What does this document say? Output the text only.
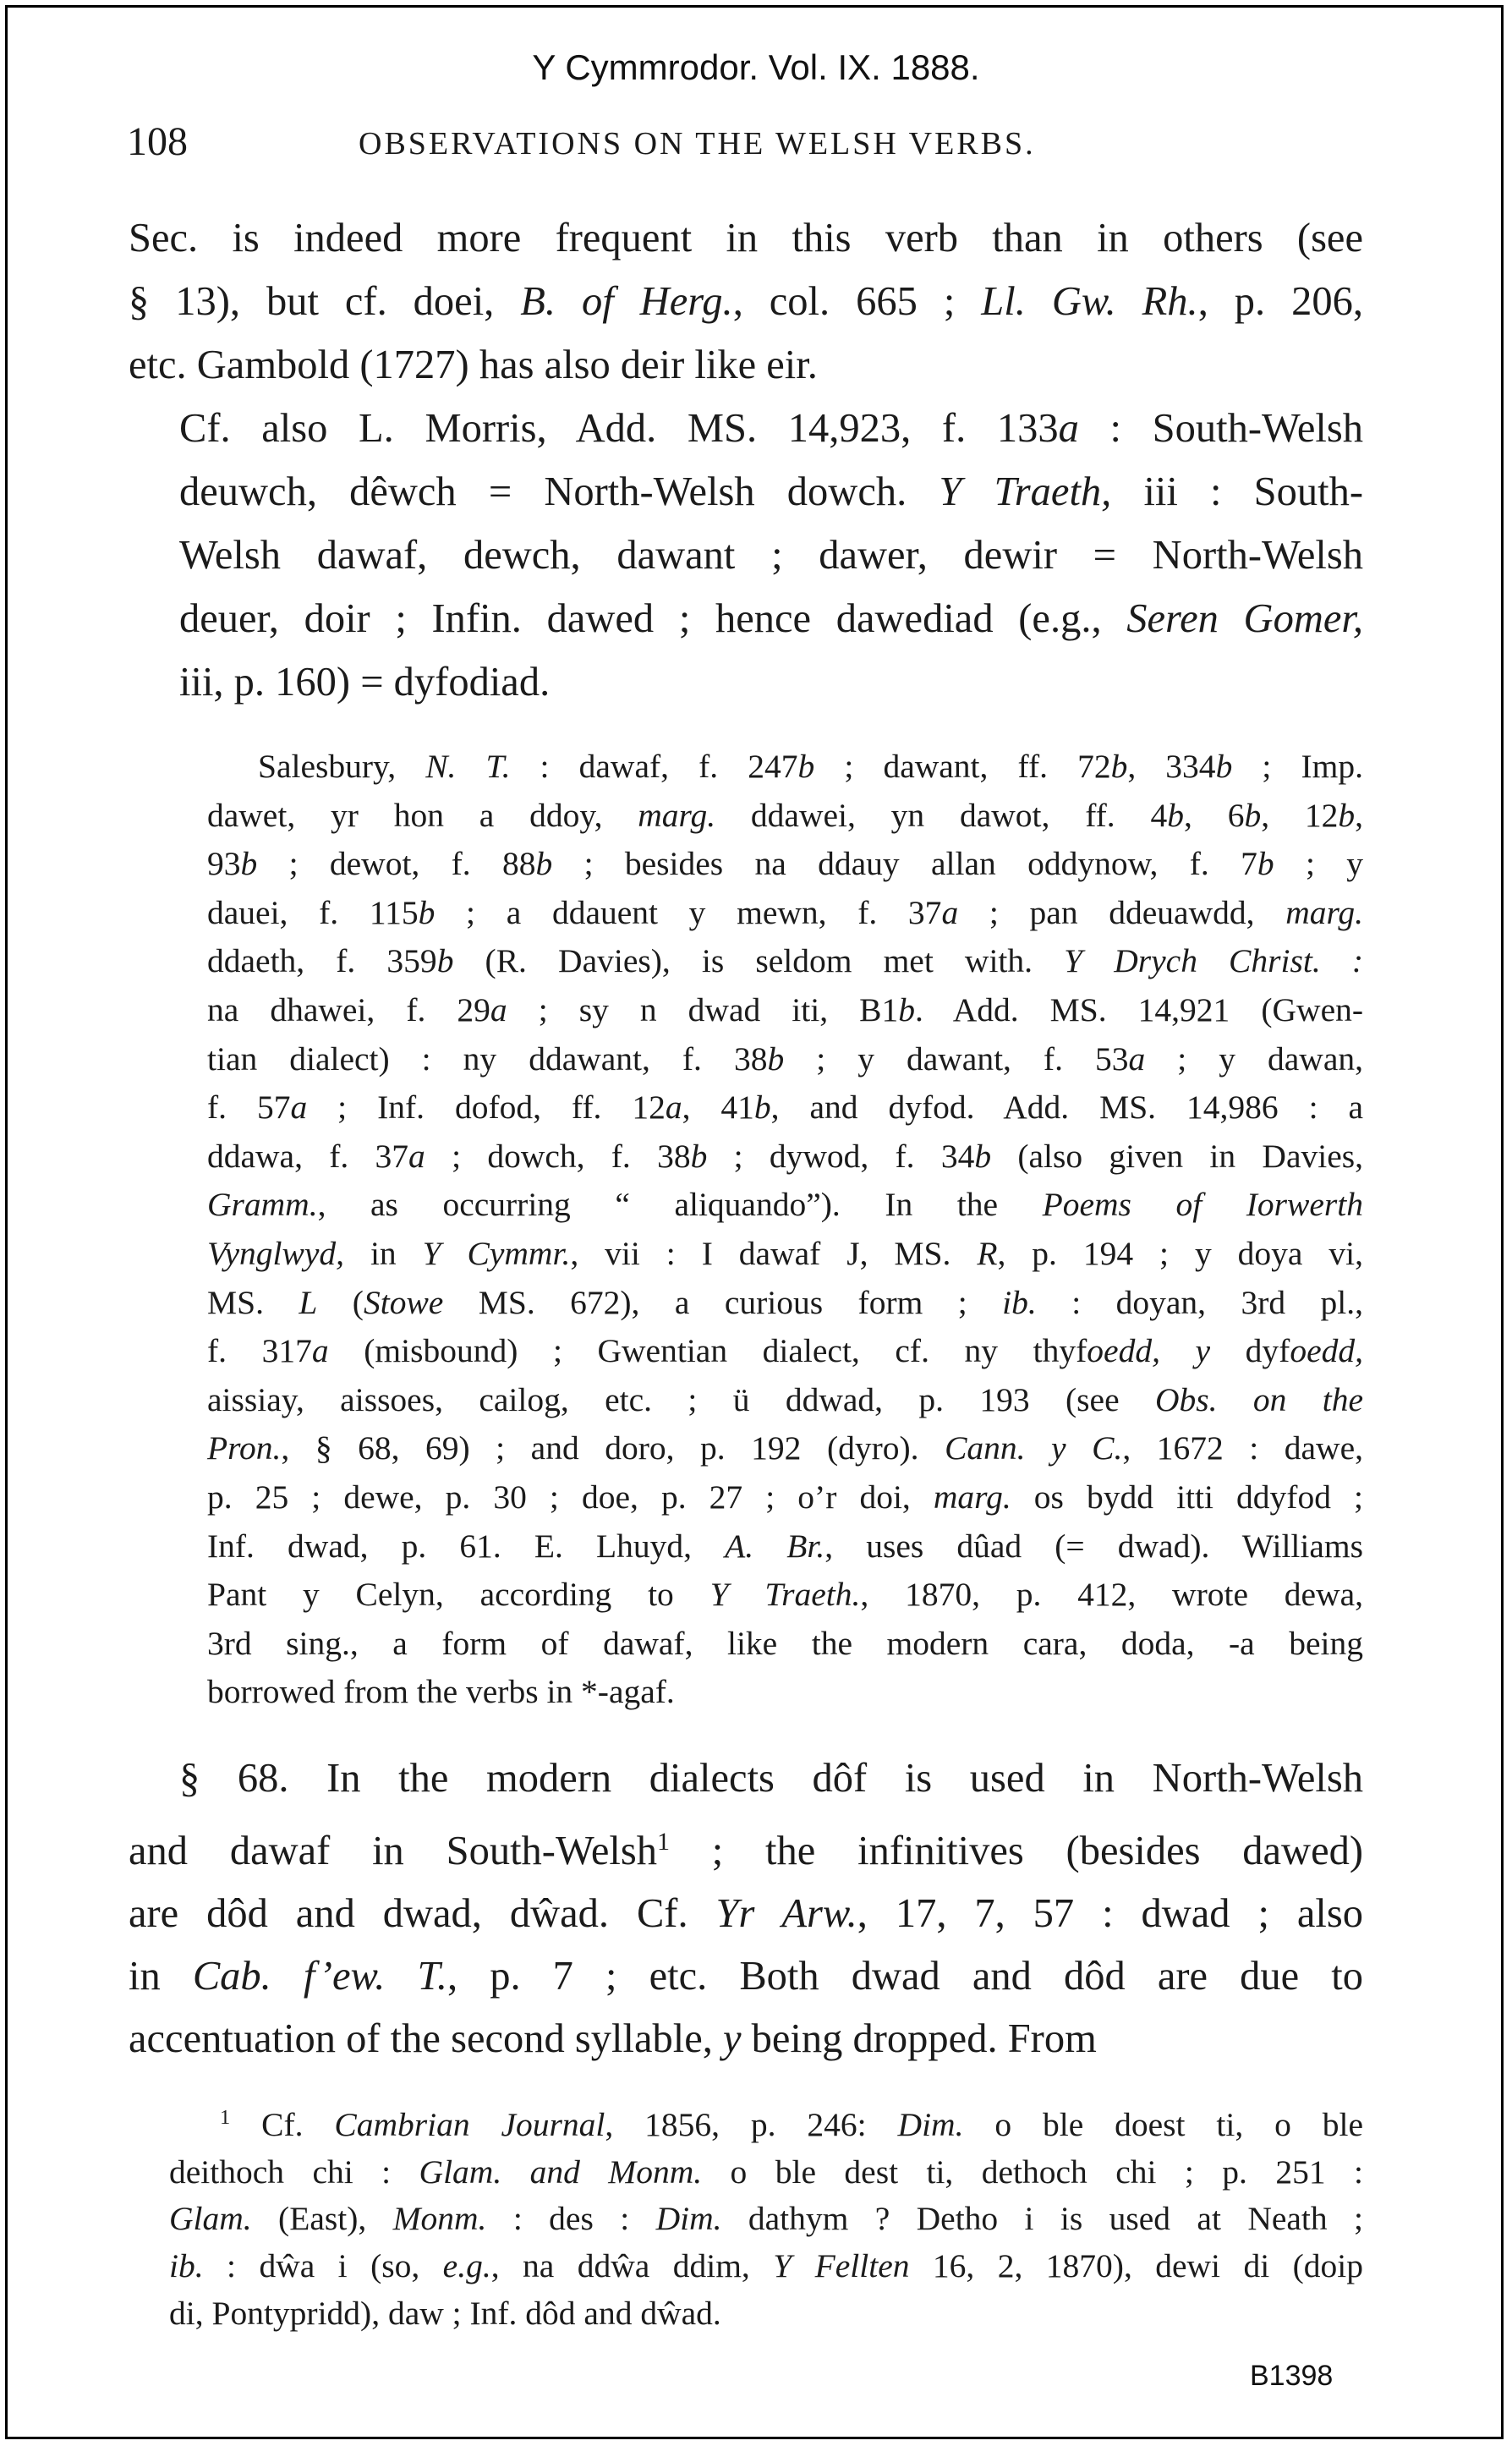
Y Cymmrodor. Vol. IX. 1888.
108	OBSERVATIONS ON THE WELSH VERBS.

Sec. is indeed more frequent in this verb than in others (see
§ 13), but cf. doei, B. of Herg., col. 665 ; Ll. Gw. Rh., p. 206,
etc. Gambold (1727) has also deir like eir.

Cf. also L. Morris, Add. MS. 14,923, f. 133a : South-Welsh
deuwch, dêwch = North-Welsh dowch. Y Traeth, iii : South-
Welsh dawaf, dewch, dawant ; dawer, dewir = North-Welsh
deuer, doir ; Infin. dawed ; hence dawediad (e.g., Seren Gomer,
iii, p. 160) = dyfodiad.

Salesbury, N. T. : dawaf, f. 247b ; dawant, ff. 72b, 334b ; Imp.
dawet, yr hon a ddoy, marg. ddawei, yn dawot, ff. 4b, 6b, 12b,
93b ; dewot, f. 88b ; besides na ddauy allan oddynow, f. 7b ; y
dauei, f. 115b ; a ddauent y mewn, f. 37a ; pan ddeuawdd, marg.
ddaeth, f. 359b (R. Davies), is seldom met with. Y Drych Christ. :
na dhawei, f. 29a ; sy n dwad iti, B1b. Add. MS. 14,921 (Gwen-
tian dialect) : ny ddawant, f. 38b ; y dawant, f. 53a ; y dawan,
f. 57a ; Inf. dofod, ff. 12a, 41b, and dyfod. Add. MS. 14,986 : a
ddawa, f. 37a ; dowch, f. 38b ; dywod, f. 34b (also given in Davies,
Gramm., as occurring “ aliquando”). In the Poems of Iorwerth
Vynglwyd, in Y Cymmr., vii : I dawaf J, MS. R, p. 194 ; y doya vi,
MS. L (Stowe MS. 672), a curious form ; ib. : doyan, 3rd pl.,
f. 317a (misbound) ; Gwentian dialect, cf. ny thyfoedd, y dyfoedd,
aissiay, aissoes, cailog, etc. ; ü ddwad, p. 193 (see Obs. on the
Pron., § 68, 69) ; and doro, p. 192 (dyro). Cann. y C., 1672 : dawe,
p. 25 ; dewe, p. 30 ; doe, p. 27 ; o’r doi, marg. os bydd itti ddyfod ;
Inf. dwad, p. 61. E. Lhuyd, A. Br., uses dûad (= dwad). Williams
Pant y Celyn, according to Y Traeth., 1870, p. 412, wrote dewa,
3rd sing., a form of dawaf, like the modern cara, doda, -a being
borrowed from the verbs in *-agaf.
§ 68. In the modern dialects dôf is used in North-Welsh
and dawaf in South-Welsh$^1$ ; the infinitives (besides dawed)
are dôd and dwad, dŵad. Cf. Yr Arw., 17, 7, 57 : dwad ; also
in Cab. f’ew. T., p. 7 ; etc. Both dwad and dôd are due to
accentuation of the second syllable, y being dropped. From
$^1$ Cf. Cambrian Journal, 1856, p. 246: Dim. o ble doest ti, o ble
deithoch chi : Glam. and Monm. o ble dest ti, dethoch chi ; p. 251 :
Glam. (East), Monm. : des : Dim. dathym ? Detho i is used at Neath ;
ib. : dŵa i (so, e.g., na ddŵa ddim, Y Fellten 16, 2, 1870), dewi di (doip
di, Pontypridd), daw ; Inf. dôd and dŵad.
B1398
